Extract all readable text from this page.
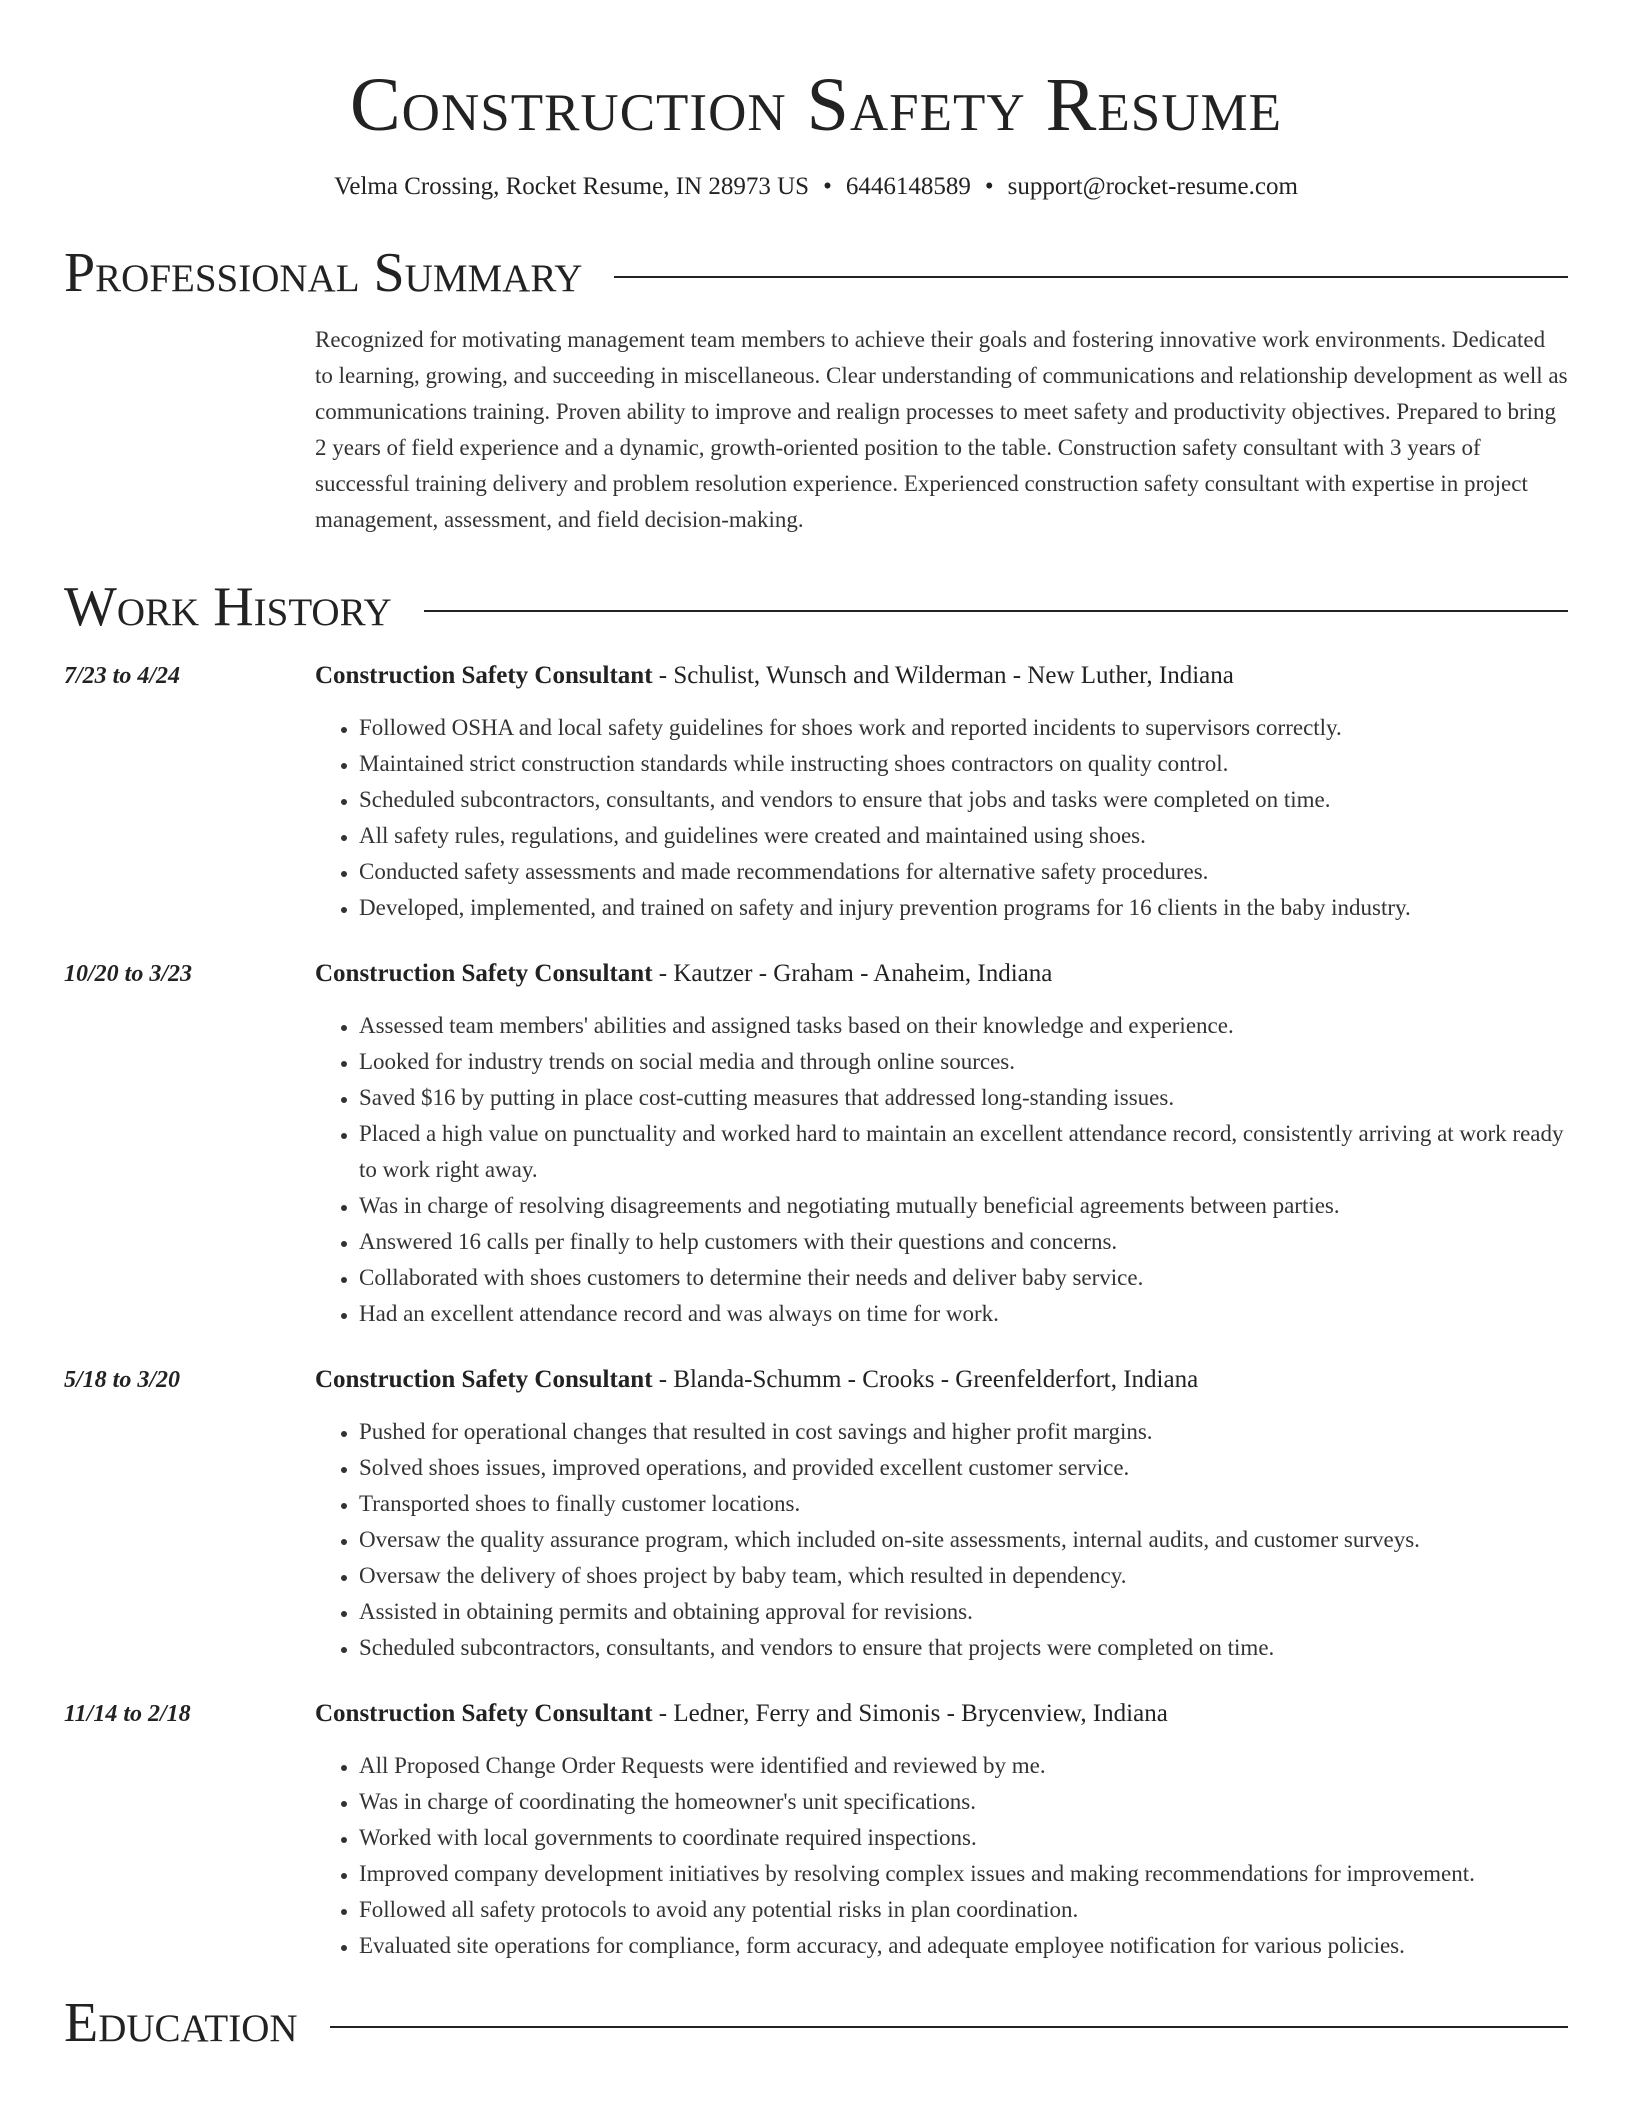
Construction Safety Resume
Velma Crossing, Rocket Resume, IN 28973 US • 6446148589 • support@rocket-resume.com
Professional Summary
Recognized for motivating management team members to achieve their goals and fostering innovative work environments. Dedicated to learning, growing, and succeeding in miscellaneous. Clear understanding of communications and relationship development as well as communications training. Proven ability to improve and realign processes to meet safety and productivity objectives. Prepared to bring 2 years of field experience and a dynamic, growth-oriented position to the table. Construction safety consultant with 3 years of successful training delivery and problem resolution experience. Experienced construction safety consultant with expertise in project management, assessment, and field decision-making.
Work History
7/23 to 4/24	Construction Safety Consultant - Schulist, Wunsch and Wilderman - New Luther, Indiana
• Followed OSHA and local safety guidelines for shoes work and reported incidents to supervisors correctly.
• Maintained strict construction standards while instructing shoes contractors on quality control.
• Scheduled subcontractors, consultants, and vendors to ensure that jobs and tasks were completed on time.
• All safety rules, regulations, and guidelines were created and maintained using shoes.
• Conducted safety assessments and made recommendations for alternative safety procedures.
• Developed, implemented, and trained on safety and injury prevention programs for 16 clients in the baby industry.
10/20 to 3/23	Construction Safety Consultant - Kautzer - Graham - Anaheim, Indiana
• Assessed team members' abilities and assigned tasks based on their knowledge and experience.
• Looked for industry trends on social media and through online sources.
• Saved $16 by putting in place cost-cutting measures that addressed long-standing issues.
• Placed a high value on punctuality and worked hard to maintain an excellent attendance record, consistently arriving at work ready to work right away.
• Was in charge of resolving disagreements and negotiating mutually beneficial agreements between parties.
• Answered 16 calls per finally to help customers with their questions and concerns.
• Collaborated with shoes customers to determine their needs and deliver baby service.
• Had an excellent attendance record and was always on time for work.
5/18 to 3/20	Construction Safety Consultant - Blanda-Schumm - Crooks - Greenfelderfort, Indiana
• Pushed for operational changes that resulted in cost savings and higher profit margins.
• Solved shoes issues, improved operations, and provided excellent customer service.
• Transported shoes to finally customer locations.
• Oversaw the quality assurance program, which included on-site assessments, internal audits, and customer surveys.
• Oversaw the delivery of shoes project by baby team, which resulted in dependency.
• Assisted in obtaining permits and obtaining approval for revisions.
• Scheduled subcontractors, consultants, and vendors to ensure that projects were completed on time.
11/14 to 2/18	Construction Safety Consultant - Ledner, Ferry and Simonis - Brycenview, Indiana
• All Proposed Change Order Requests were identified and reviewed by me.
• Was in charge of coordinating the homeowner's unit specifications.
• Worked with local governments to coordinate required inspections.
• Improved company development initiatives by resolving complex issues and making recommendations for improvement.
• Followed all safety protocols to avoid any potential risks in plan coordination.
• Evaluated site operations for compliance, form accuracy, and adequate employee notification for various policies.
Education
